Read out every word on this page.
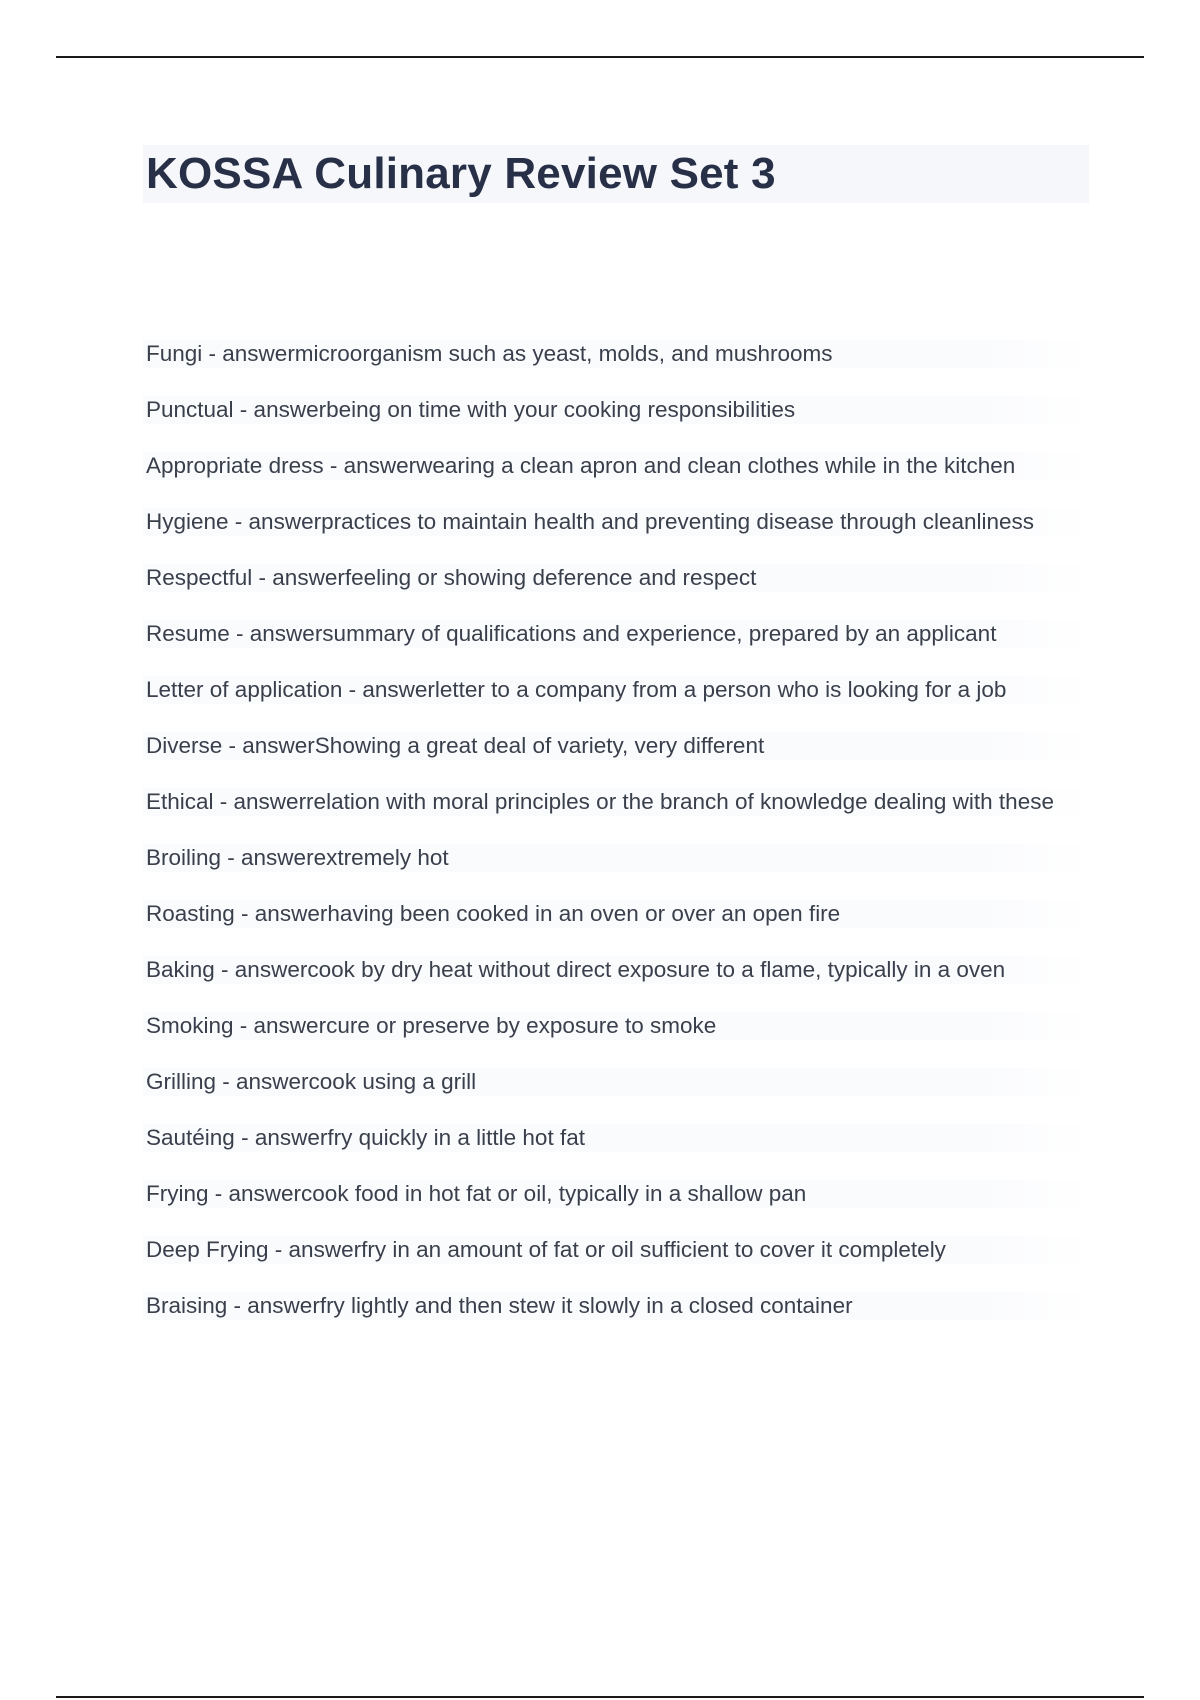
KOSSA Culinary Review Set 3
Fungi - answermicroorganism such as yeast, molds, and mushrooms
Punctual - answerbeing on time with your cooking responsibilities
Appropriate dress - answerwearing a clean apron and clean clothes while in the kitchen
Hygiene - answerpractices to maintain health and preventing disease through cleanliness
Respectful - answerfeeling or showing deference and respect
Resume - answersummary of qualifications and experience, prepared by an applicant
Letter of application - answerletter to a company from a person who is looking for a job
Diverse - answerShowing a great deal of variety, very different
Ethical - answerrelation with moral principles or the branch of knowledge dealing with these
Broiling - answerextremely hot
Roasting - answerhaving been cooked in an oven or over an open fire
Baking - answercook by dry heat without direct exposure to a flame, typically in a oven
Smoking - answercure or preserve by exposure to smoke
Grilling - answercook using a grill
Sautéing - answerfry quickly in a little hot fat
Frying - answercook food in hot fat or oil, typically in a shallow pan
Deep Frying - answerfry in an amount of fat or oil sufficient to cover it completely
Braising - answerfry lightly and then stew it slowly in a closed container
